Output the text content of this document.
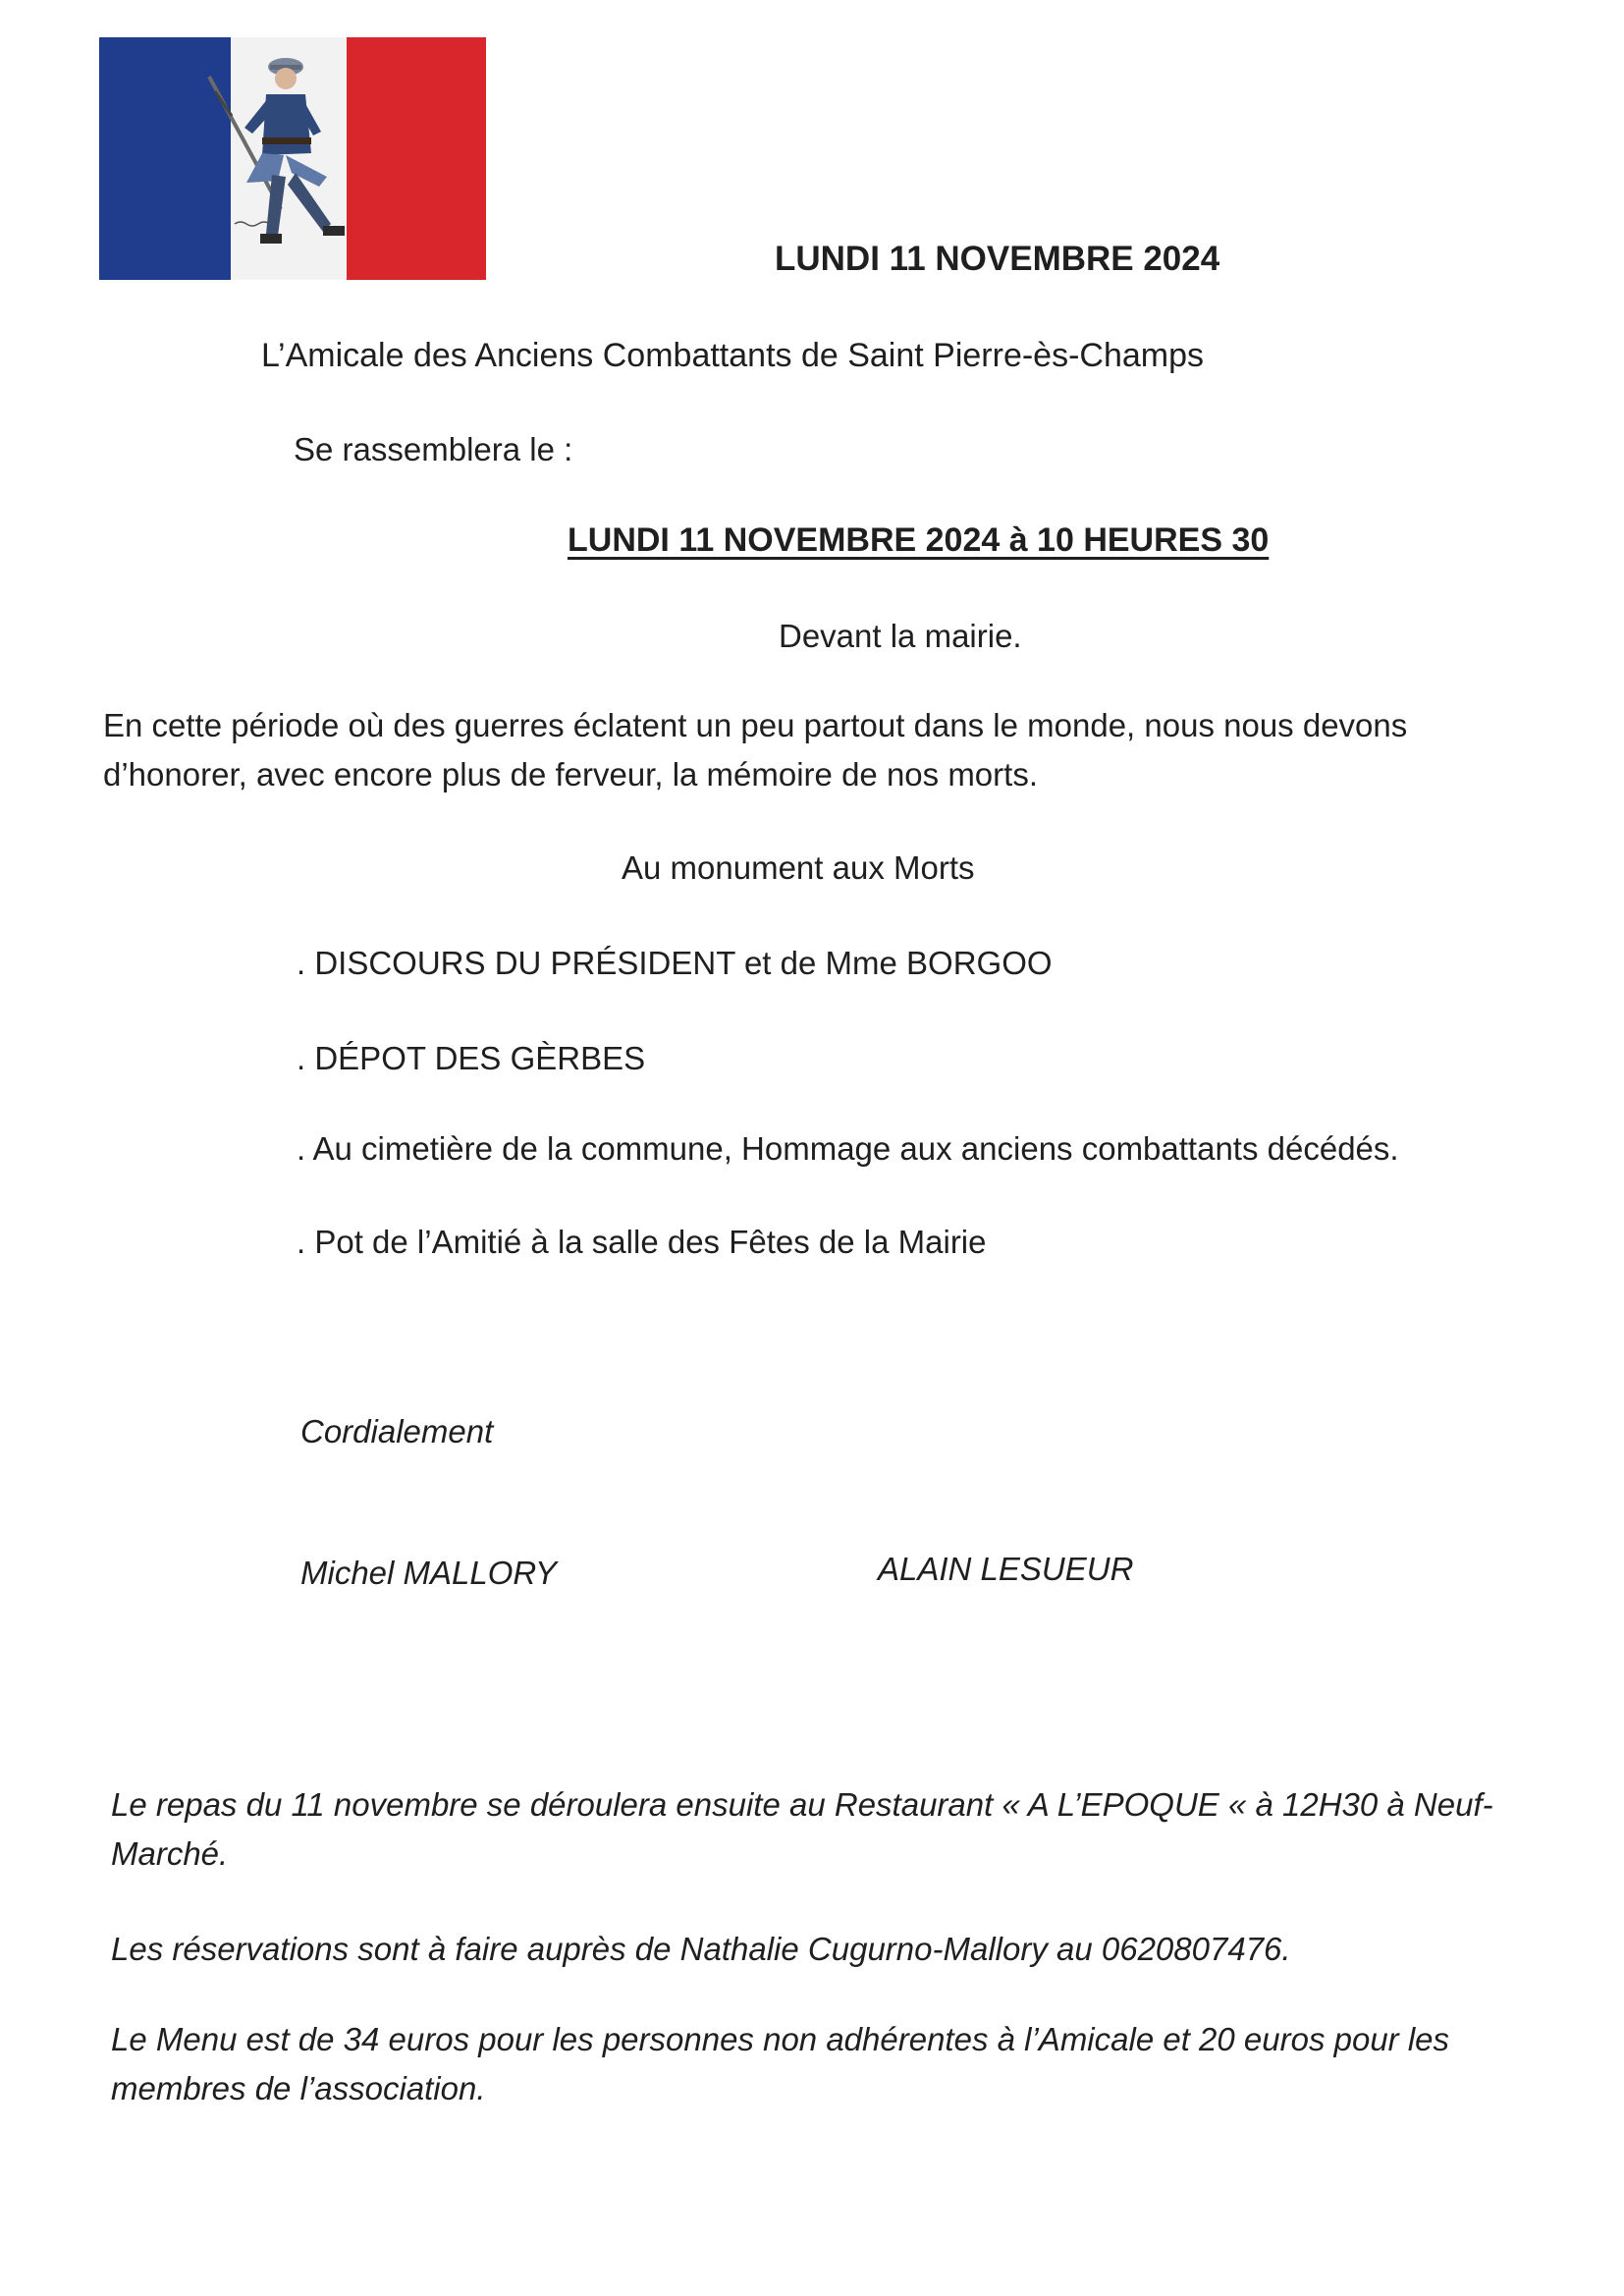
LUNDI 11 NOVEMBRE 2024
L’Amicale des Anciens Combattants de Saint Pierre-ès-Champs
Se rassemblera le :
LUNDI 11 NOVEMBRE 2024 à 10 HEURES 30
Devant la mairie.
En cette période où des guerres éclatent un peu partout dans le monde, nous nous devons d’honorer, avec encore plus de ferveur, la mémoire de nos morts.
Au monument aux Morts
. DISCOURS DU PRÉSIDENT et de Mme BORGOO
. DÉPOT DES GÈRBES
. Au cimetière de la commune, Hommage aux anciens combattants décédés.
. Pot de l’Amitié à la salle des Fêtes de la Mairie
Cordialement
Michel MALLORY	ALAIN LESUEUR
Le repas du 11 novembre se déroulera ensuite au Restaurant « A L’EPOQUE « à 12H30 à Neuf-Marché.
Les réservations sont à faire auprès de Nathalie Cugurno-Mallory au 0620807476.
Le Menu est de 34 euros pour les personnes non adhérentes à l’Amicale et 20 euros pour les membres de l’association.
